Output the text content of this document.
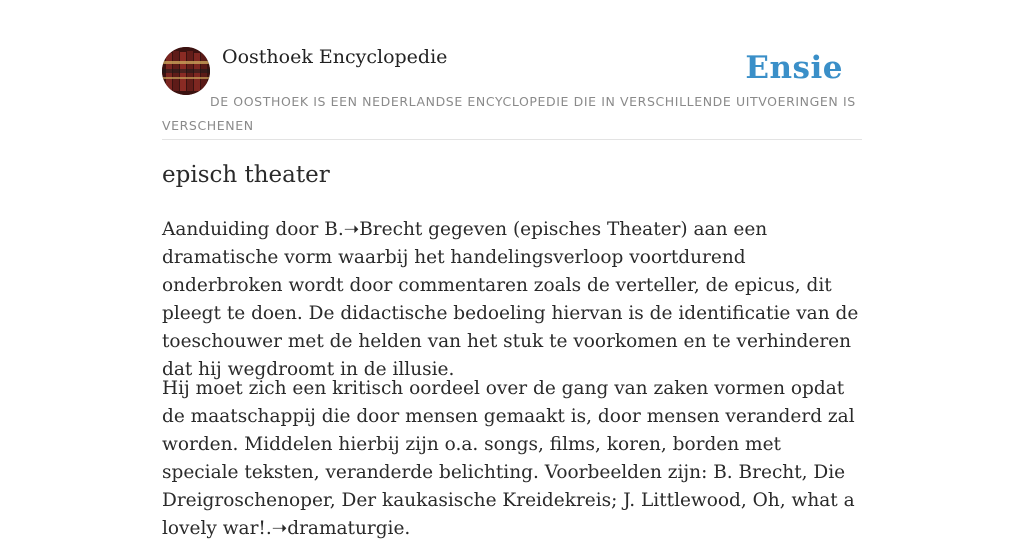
Oosthoek Encyclopedie	Ensie
DE OOSTHOEK IS EEN NEDERLANDSE ENCYCLOPEDIE DIE IN VERSCHILLENDE UITVOERINGEN IS VERSCHENEN
episch theater

Aanduiding door B.➝Brecht gegeven (episches Theater) aan een dramatische vorm waarbij het handelingsverloop voortdurend onderbroken wordt door commentaren zoals de verteller, de epicus, dit pleegt te doen. De didactische bedoeling hiervan is de identificatie van de toeschouwer met de helden van het stuk te voorkomen en te verhinderen dat hij wegdroomt in de illusie.

Hij moet zich een kritisch oordeel over de gang van zaken vormen opdat de maatschappij die door mensen gemaakt is, door mensen veranderd zal worden. Middelen hierbij zijn o.a. songs, films, koren, borden met speciale teksten, veranderde belichting. Voorbeelden zijn: B. Brecht, Die Dreigroschenoper, Der kaukasische Kreidekreis; J. Littlewood, Oh, what a lovely war!.➝dramaturgie.
